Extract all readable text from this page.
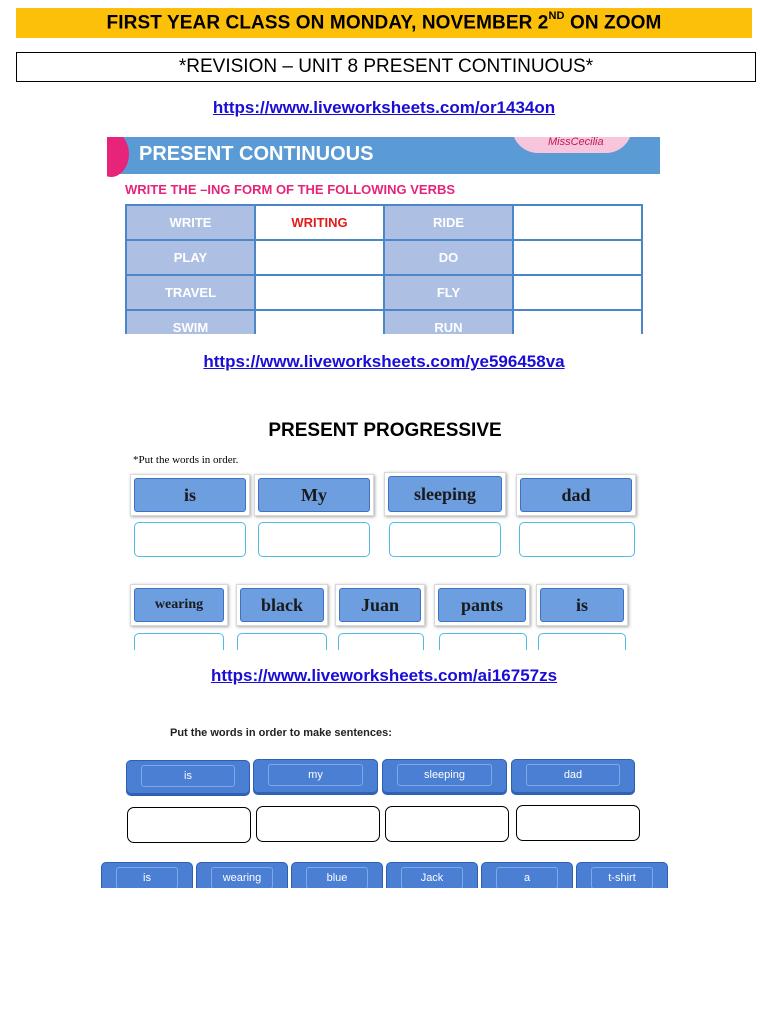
FIRST YEAR CLASS ON MONDAY, NOVEMBER 2ND ON ZOOM
*REVISION – UNIT 8 PRESENT CONTINUOUS*
https://www.liveworksheets.com/or1434on
PRESENT CONTINUOUS
MissCecilia
WRITE THE –ING FORM OF THE FOLLOWING VERBS
WRITE	WRITING	RIDE	
PLAY		DO	
TRAVEL		FLY	
SWIM		RUN	
https://www.liveworksheets.com/ye596458va
PRESENT PROGRESSIVE
*Put the words in order.
is	My	sleeping	dad
wearing	black	Juan	pants	is
https://www.liveworksheets.com/ai16757zs
Put the words in order to make sentences:
is	my	sleeping	dad
is	wearing	blue	Jack	a	t-shirt
